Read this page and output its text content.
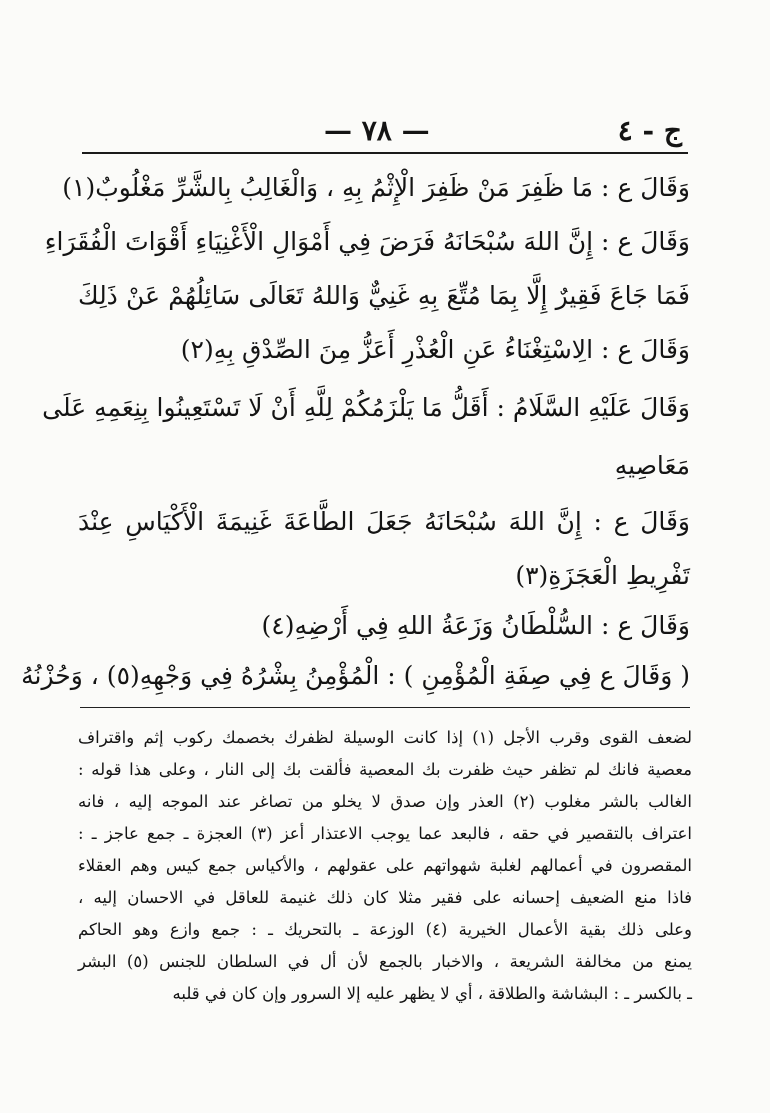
ج - ٤
— ٧٨ —
وَقَالَ ع : مَا ظَفِرَ مَنْ ظَفِرَ الْإِثْمُ بِهِ ، وَالْغَالِبُ بِالشَّرِّ مَغْلُوبٌ(١)
وَقَالَ ع : إِنَّ اللهَ سُبْحَانَهُ فَرَضَ فِي أَمْوَالِ الْأَغْنِيَاءِ أَقْوَاتَ الْفُقَرَاءِ
فَمَا جَاعَ فَقِيرٌ إِلَّا بِمَا مُتِّعَ بِهِ غَنِيٌّ وَاللهُ تَعَالَى سَائِلُهُمْ عَنْ ذَلِكَ
وَقَالَ ع : الِاسْتِغْنَاءُ عَنِ الْعُذْرِ أَعَزُّ مِنَ الصِّدْقِ بِهِ(٢)
وَقَالَ عَلَيْهِ السَّلَامُ : أَقَلُّ مَا يَلْزَمُكُمْ لِلَّهِ أَنْ لَا تَسْتَعِينُوا بِنِعَمِهِ عَلَى
مَعَاصِيهِ
وَقَالَ ع : إِنَّ اللهَ سُبْحَانَهُ جَعَلَ الطَّاعَةَ غَنِيمَةَ الْأَكْيَاسِ عِنْدَ
تَفْرِيطِ الْعَجَزَةِ(٣)
وَقَالَ ع : السُّلْطَانُ وَزَعَةُ اللهِ فِي أَرْضِهِ(٤)
( وَقَالَ ع فِي صِفَةِ الْمُؤْمِنِ ) : الْمُؤْمِنُ بِشْرُهُ فِي وَجْهِهِ(٥) ، وَحُزْنُهُ
لضعف القوى وقرب الأجل (١) إذا كانت الوسيلة لظفرك بخصمك ركوب إثم واقتراف
معصية فانك لم تظفر حيث ظفرت بك المعصية فألقت بك إلى النار ، وعلى هذا قوله :
الغالب بالشر مغلوب (٢) العذر وإن صدق لا يخلو من تصاغر عند الموجه إليه ، فانه
اعتراف بالتقصير في حقه ، فالبعد عما يوجب الاعتذار أعز (٣) العجزة ـ جمع عاجز ـ :
المقصرون في أعمالهم لغلبة شهواتهم على عقولهم ، والأكياس جمع كيس وهم العقلاء
فاذا منع الضعيف إحسانه على فقير مثلا كان ذلك غنيمة للعاقل في الاحسان إليه ،
وعلى ذلك بقية الأعمال الخيرية (٤) الوزعة ـ بالتحريك ـ : جمع وازع وهو الحاكم
يمنع من مخالفة الشريعة ، والاخبار بالجمع لأن أل في السلطان للجنس (٥) البشر
ـ بالكسر ـ : البشاشة والطلاقة ، أي لا يظهر عليه إلا السرور وإن كان في قلبه
